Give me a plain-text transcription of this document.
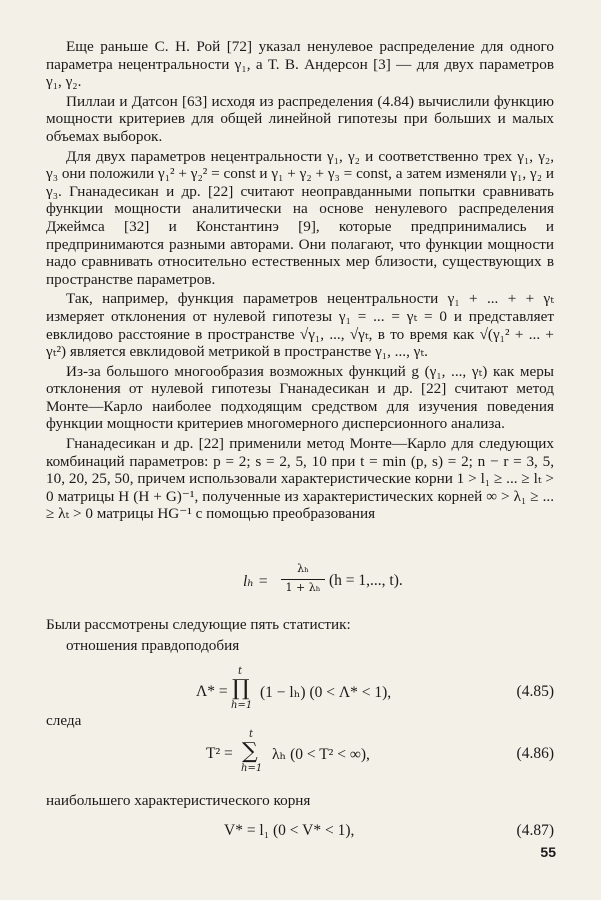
Еще раньше С. Н. Рой [72] указал ненулевое распределение для одного параметра нецентральности γ₁, а Т. В. Андерсон [3] — для двух параметров γ₁, γ₂.

Пиллаи и Датсон [63] исходя из распределения (4.84) вычислили функцию мощности критериев для общей линейной гипотезы при больших и малых объемах выборок.

Для двух параметров нецентральности γ₁, γ₂ и соответственно трех γ₁, γ₂, γ₃ они положили γ₁² + γ₂² = const и γ₁ + γ₂ + γ₃ = const, а затем изменяли γ₁, γ₂ и γ₃. Гнанадесикан и др. [22] считают неоправданными попытки сравнивать функции мощности аналитически на основе ненулевого распределения Джеймса [32] и Константинэ [9], которые предпринимались и предпринимаются разными авторами. Они полагают, что функции мощности надо сравнивать относительно естественных мер близости, существующих в пространстве параметров.

Так, например, функция параметров нецентральности γ₁ + ... + + γₜ измеряет отклонения от нулевой гипотезы γ₁ = ... = γₜ = 0 и представляет евклидово расстояние в пространстве √γ₁, ..., √γₜ, в то время как √(γ₁² + ... + γₜ²) является евклидовой метрикой в пространстве γ₁, ..., γₜ.

Из-за большого многообразия возможных функций g (γ₁, ..., γₜ) как меры отклонения от нулевой гипотезы Гнанадесикан и др. [22] считают метод Монте—Карло наиболее подходящим средством для изучения поведения функции мощности критериев многомерного дисперсионного анализа.

Гнанадесикан и др. [22] применили метод Монте—Карло для следующих комбинаций параметров: p = 2; s = 2, 5, 10 при t = min (p, s) = 2; n − r = 3, 5, 10, 20, 25, 50, причем использовали характеристические корни 1 > l₁ ≥ ... ≥ lₜ > 0 матрицы H (H + G)⁻¹, полученные из характеристических корней ∞ > λ₁ ≥ ... ≥ λₜ > 0 матрицы HG⁻¹ с помощью преобразования

lₕ =
λₕ
1 + λₕ (h = 1,..., t).
Были рассмотрены следующие пять статистик:
отношения правдоподобия
Λ* =
t
∏
h=1
(1 − lₕ) (0 < Λ* < 1),	(4.85)
следа
T² =
t
∑
h=1
λₕ (0 < T² < ∞),	(4.86)
наибольшего характеристического корня
V* = l₁ (0 < V* < 1),	(4.87)
55
